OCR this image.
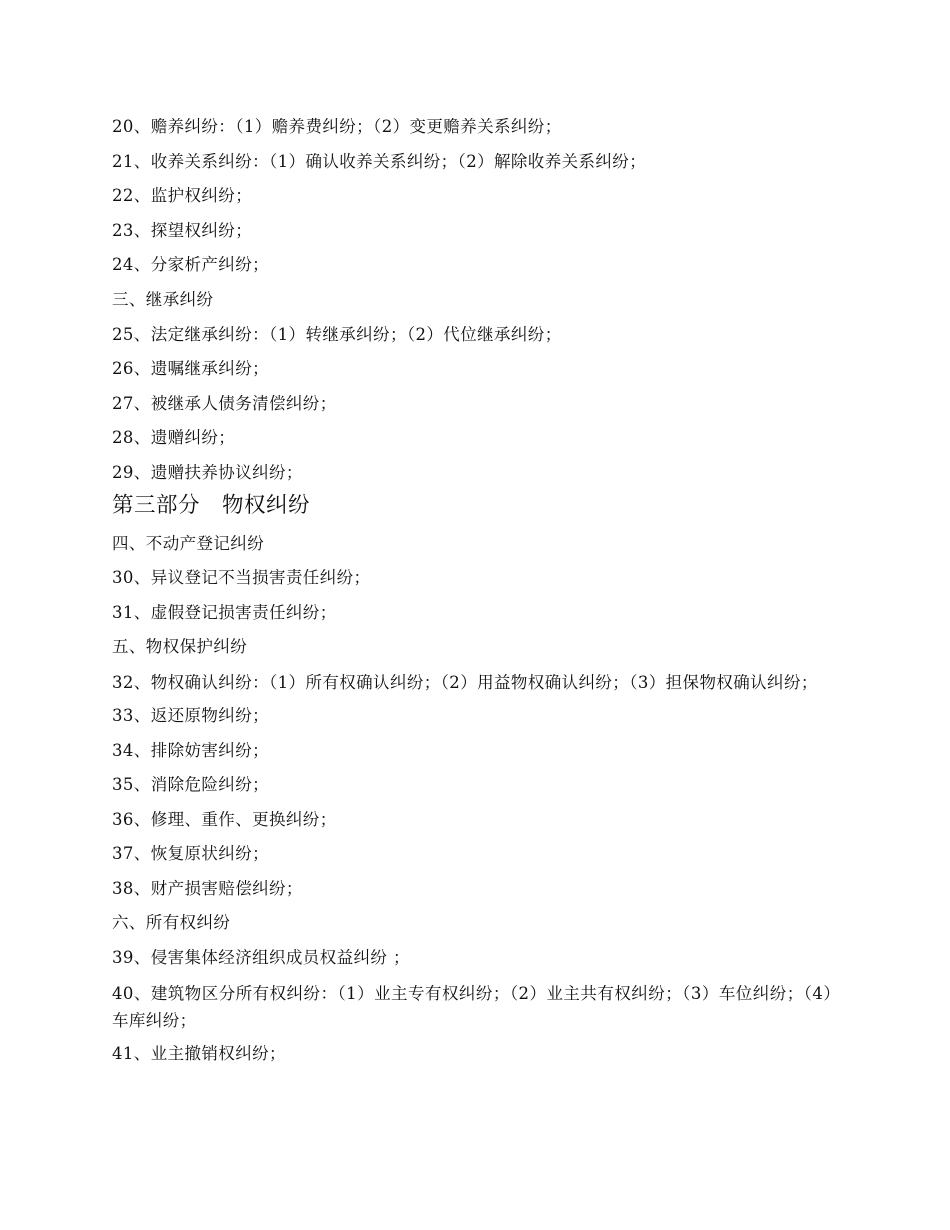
20、赡养纠纷：（1）赡养费纠纷；（2）变更赡养关系纠纷；
21、收养关系纠纷：（1）确认收养关系纠纷；（2）解除收养关系纠纷；
22、监护权纠纷；
23、探望权纠纷；
24、分家析产纠纷；
三、继承纠纷
25、法定继承纠纷：（1）转继承纠纷；（2）代位继承纠纷；
26、遗嘱继承纠纷；
27、被继承人债务清偿纠纷；
28、遗赠纠纷；
29、遗赠扶养协议纠纷；
第三部分 物权纠纷
四、不动产登记纠纷
30、异议登记不当损害责任纠纷；
31、虚假登记损害责任纠纷；
五、物权保护纠纷
32、物权确认纠纷：（1）所有权确认纠纷；（2）用益物权确认纠纷；（3）担保物权确认纠纷；
33、返还原物纠纷；
34、排除妨害纠纷；
35、消除危险纠纷；
36、修理、重作、更换纠纷；
37、恢复原状纠纷；
38、财产损害赔偿纠纷；
六、所有权纠纷
39、侵害集体经济组织成员权益纠纷 ；
40、建筑物区分所有权纠纷：（1）业主专有权纠纷；（2）业主共有权纠纷；（3）车位纠纷；（4）车库纠纷；
41、业主撤销权纠纷；
